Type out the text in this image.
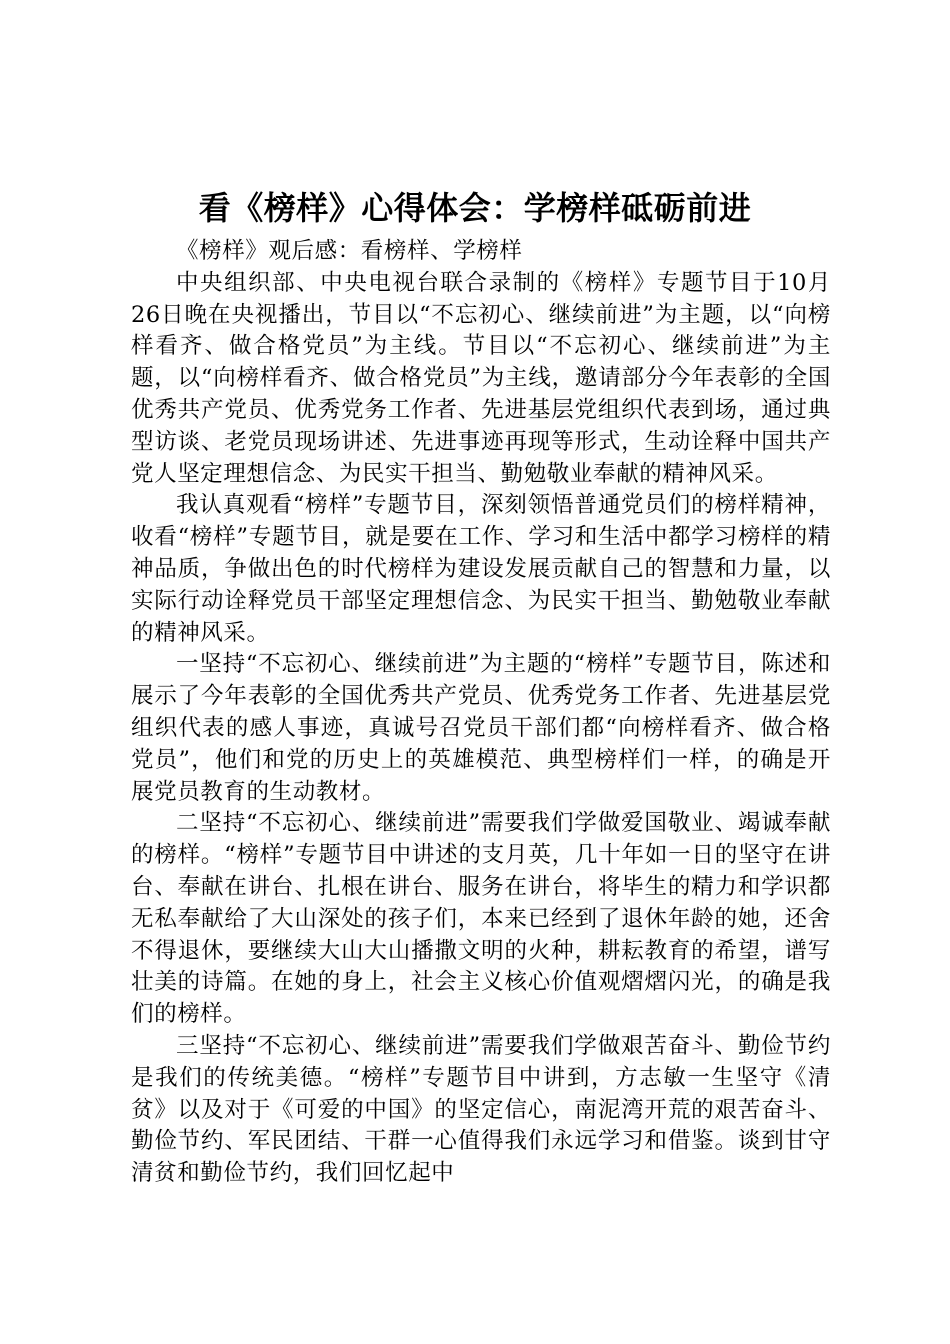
看《榜样》心得体会：学榜样砥砺前进

《榜样》观后感：看榜样、学榜样

中央组织部、中央电视台联合录制的《榜样》专题节目于10月26日晚在央视播出，节目以“不忘初心、继续前进”为主题，以“向榜样看齐、做合格党员”为主线。节目以“不忘初心、继续前进”为主题，以“向榜样看齐、做合格党员”为主线，邀请部分今年表彰的全国优秀共产党员、优秀党务工作者、先进基层党组织代表到场，通过典型访谈、老党员现场讲述、先进事迹再现等形式，生动诠释中国共产党人坚定理想信念、为民实干担当、勤勉敬业奉献的精神风采。

我认真观看“榜样”专题节目，深刻领悟普通党员们的榜样精神，收看“榜样”专题节目，就是要在工作、学习和生活中都学习榜样的精神品质，争做出色的时代榜样为建设发展贡献自己的智慧和力量，以实际行动诠释党员干部坚定理想信念、为民实干担当、勤勉敬业奉献的精神风采。

一坚持“不忘初心、继续前进”为主题的“榜样”专题节目，陈述和展示了今年表彰的全国优秀共产党员、优秀党务工作者、先进基层党组织代表的感人事迹，真诚号召党员干部们都“向榜样看齐、做合格党员”，他们和党的历史上的英雄模范、典型榜样们一样，的确是开展党员教育的生动教材。

二坚持“不忘初心、继续前进”需要我们学做爱国敬业、竭诚奉献的榜样。“榜样”专题节目中讲述的支月英，几十年如一日的坚守在讲台、奉献在讲台、扎根在讲台、服务在讲台，将毕生的精力和学识都无私奉献给了大山深处的孩子们，本来已经到了退休年龄的她，还舍不得退休，要继续大山大山播撒文明的火种，耕耘教育的希望，谱写壮美的诗篇。在她的身上，社会主义核心价值观熠熠闪光，的确是我们的榜样。

三坚持“不忘初心、继续前进”需要我们学做艰苦奋斗、勤俭节约是我们的传统美德。“榜样”专题节目中讲到，方志敏一生坚守《清贫》以及对于《可爱的中国》的坚定信心，南泥湾开荒的艰苦奋斗、勤俭节约、军民团结、干群一心值得我们永远学习和借鉴。谈到甘守清贫和勤俭节约，我们回忆起中
